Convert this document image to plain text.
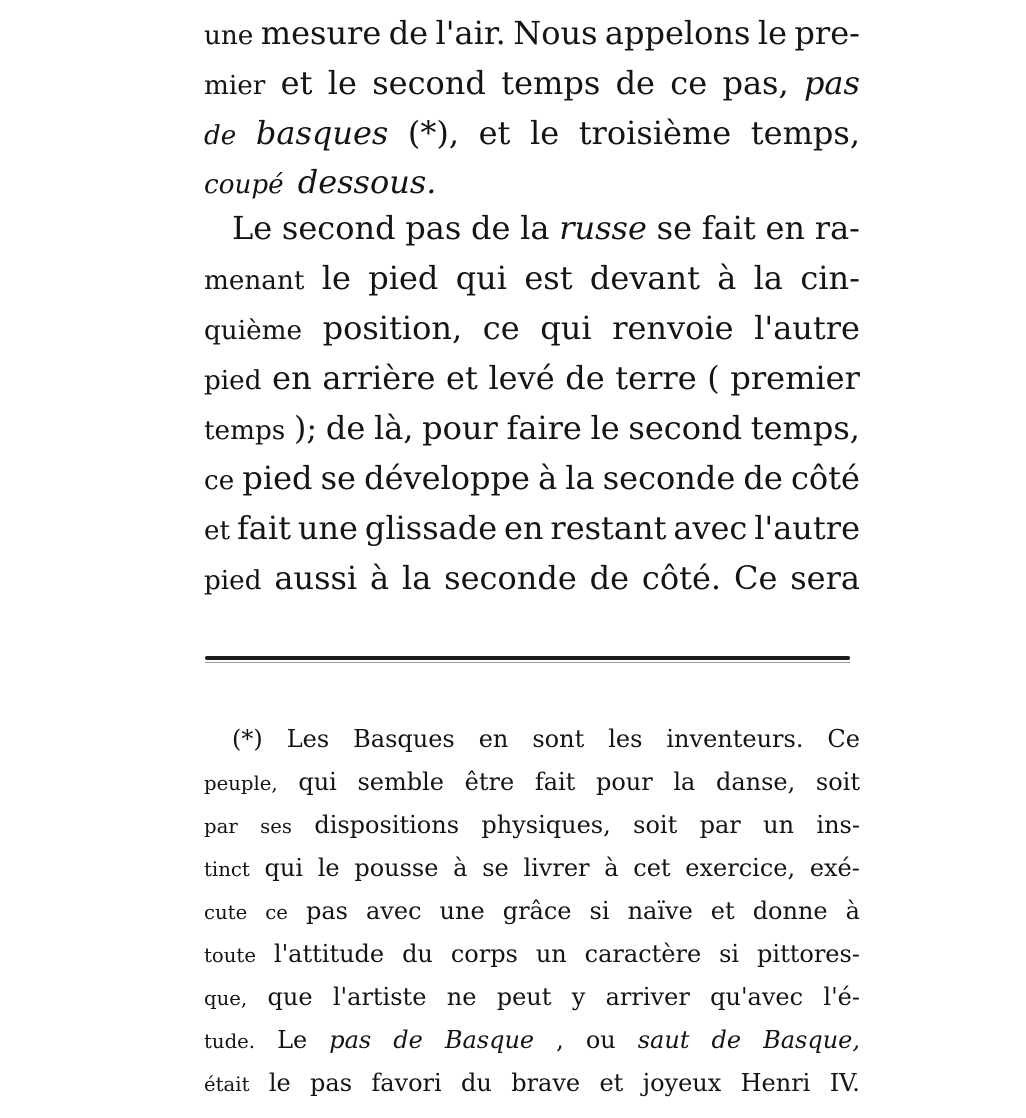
une mesure de l'air. Nous appelons le pre-
mier et le second temps de ce pas, pas
de basques (*), et le troisième temps,
coupé dessous.
Le second pas de la russe se fait en ra-
menant le pied qui est devant à la cin-
quième position, ce qui renvoie l'autre
pied en arrière et levé de terre ( premier
temps ); de là, pour faire le second temps,
ce pied se développe à la seconde de côté
et fait une glissade en restant avec l'autre
pied aussi à la seconde de côté. Ce sera
(*) Les Basques en sont les inventeurs. Ce
peuple, qui semble être fait pour la danse, soit
par ses dispositions physiques, soit par un ins-
tinct qui le pousse à se livrer à cet exercice, exé-
cute ce pas avec une grâce si naïve et donne à
toute l'attitude du corps un caractère si pittores-
que, que l'artiste ne peut y arriver qu'avec l'é-
tude. Le pas de Basque , ou saut de Basque,
était le pas favori du brave et joyeux Henri IV.
